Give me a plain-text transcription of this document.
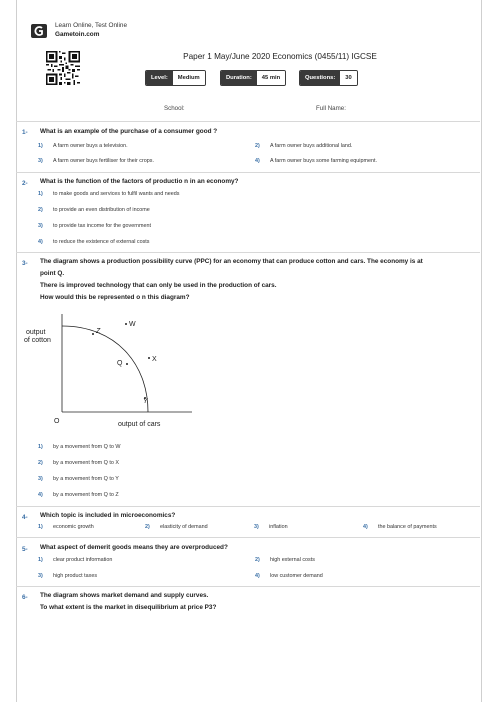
Learn Online, Test Online
Gametoin.com
Paper 1 May/June 2020 Economics (0455/11) IGCSE
Level:	Medium	Duration:	45 min	Questions:	30
School:	Full Name:
1- What is an example of the purchase of a consumer good ?
1) A farm owner buys a television.	2) A farm owner buys additional land.
3) A farm owner buys fertiliser for their crops.	4) A farm owner buys some farming equipment.
2- What is the function of the factors of productio n in an economy?
1) to make goods and services to fulfil wants and needs
2) to provide an even distribution of income
3) to provide tax income for the government
4) to reduce the existence of external costs
3- The diagram shows a production possibility curve (PPC) for an economy that can produce cotton and cars. The economy is at
point Q.
There is improved technology that can only be used in the production of cars.
How would this be represented o n this diagram?
output
of cotton
output of cars
O
Z
W
Q
X
Y
1) by a movement from Q to W
2) by a movement from Q to X
3) by a movement from Q to Y
4) by a movement from Q to Z
4- Which topic is included in microeconomics?
1) economic growth	2) elasticity of demand	3) inflation	4) the balance of payments
5- What aspect of demerit goods means they are overproduced?
1) clear product information	2) high external costs
3) high product taxes	4) low customer demand
6- The diagram shows market demand and supply curves.
To what extent is the market in disequilibrium at price P3?
